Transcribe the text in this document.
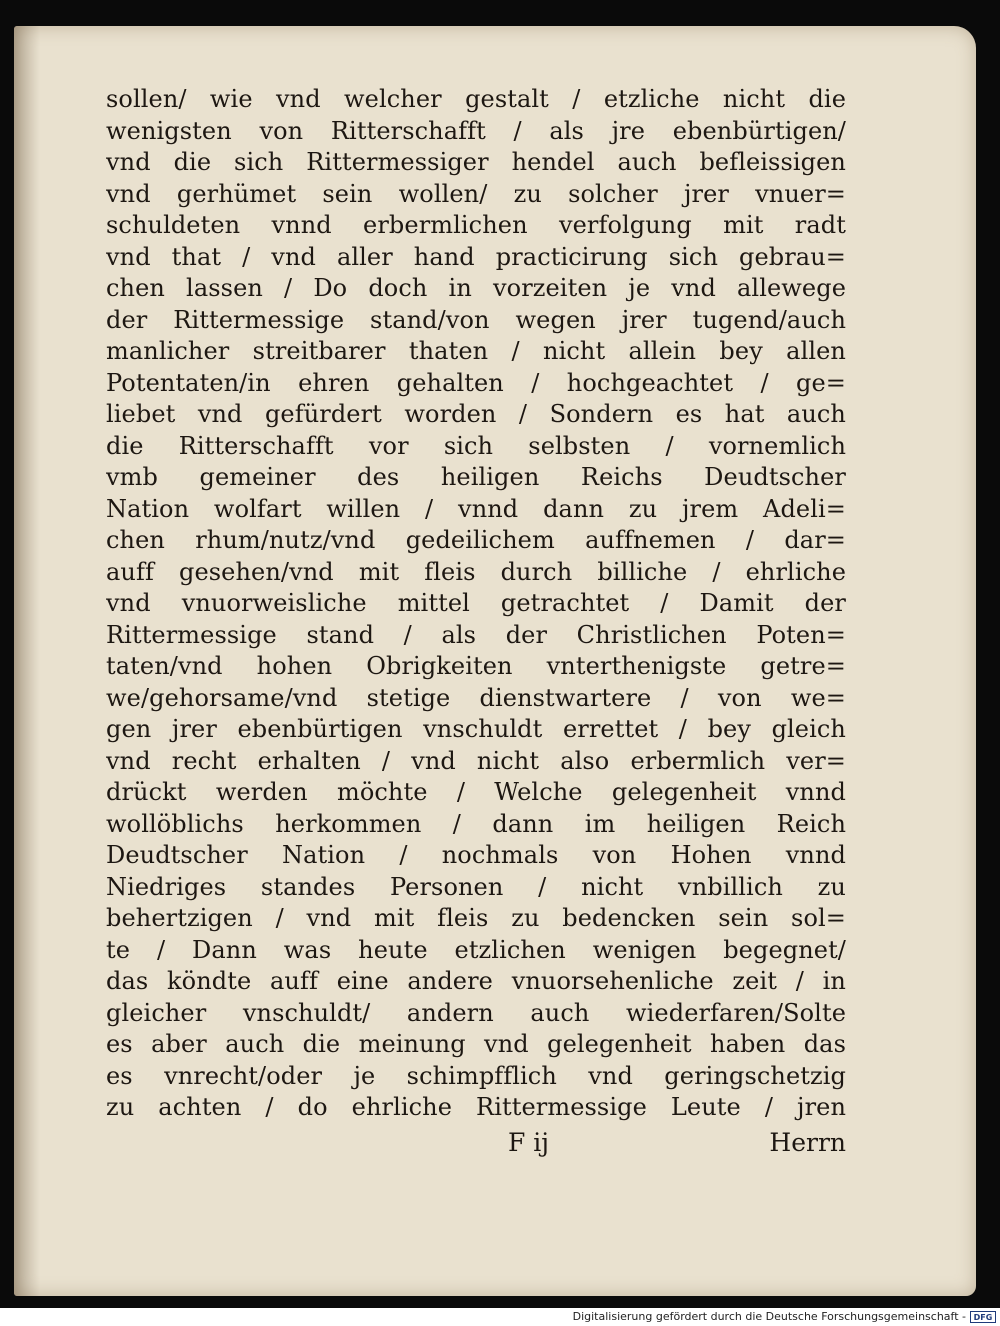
sollen/ wie vnd welcher gestalt / etzliche nicht die
wenigsten von Ritterschafft / als jre ebenbürtigen/
vnd die sich Rittermessiger hendel auch befleissigen
vnd gerhümet sein wollen/ zu solcher jrer vnuer=
schuldeten vnnd erbermlichen verfolgung mit radt
vnd that / vnd aller hand practicirung sich gebrau=
chen lassen / Do doch in vorzeiten je vnd allewege
der Rittermessige stand/von wegen jrer tugend/auch
manlicher streitbarer thaten / nicht allein bey allen
Potentaten/in ehren gehalten / hochgeachtet / ge=
liebet vnd gefürdert worden / Sondern es hat auch
die Ritterschafft vor sich selbsten / vornemlich
vmb gemeiner des heiligen Reichs Deudtscher
Nation wolfart willen / vnnd dann zu jrem Adeli=
chen rhum/nutz/vnd gedeilichem auffnemen / dar=
auff gesehen/vnd mit fleis durch billiche / ehrliche
vnd vnuorweisliche mittel getrachtet / Damit der
Rittermessige stand / als der Christlichen Poten=
taten/vnd hohen Obrigkeiten vnterthenigste getre=
we/gehorsame/vnd stetige dienstwartere / von we=
gen jrer ebenbürtigen vnschuldt errettet / bey gleich
vnd recht erhalten / vnd nicht also erbermlich ver=
drückt werden möchte / Welche gelegenheit vnnd
wollöblichs herkommen / dann im heiligen Reich
Deudtscher Nation / nochmals von Hohen vnnd
Niedriges standes Personen / nicht vnbillich zu
behertzigen / vnd mit fleis zu bedencken sein sol=
te / Dann was heute etzlichen wenigen begegnet/
das köndte auff eine andere vnuorsehenliche zeit / in
gleicher vnschuldt/ andern auch wiederfaren/Solte
es aber auch die meinung vnd gelegenheit haben das
es vnrecht/oder je schimpfflich vnd geringschetzig
zu achten / do ehrliche Rittermessige Leute / jren
F ij	Herrn
Digitalisierung gefördert durch die Deutsche Forschungsgemeinschaft - DFG
